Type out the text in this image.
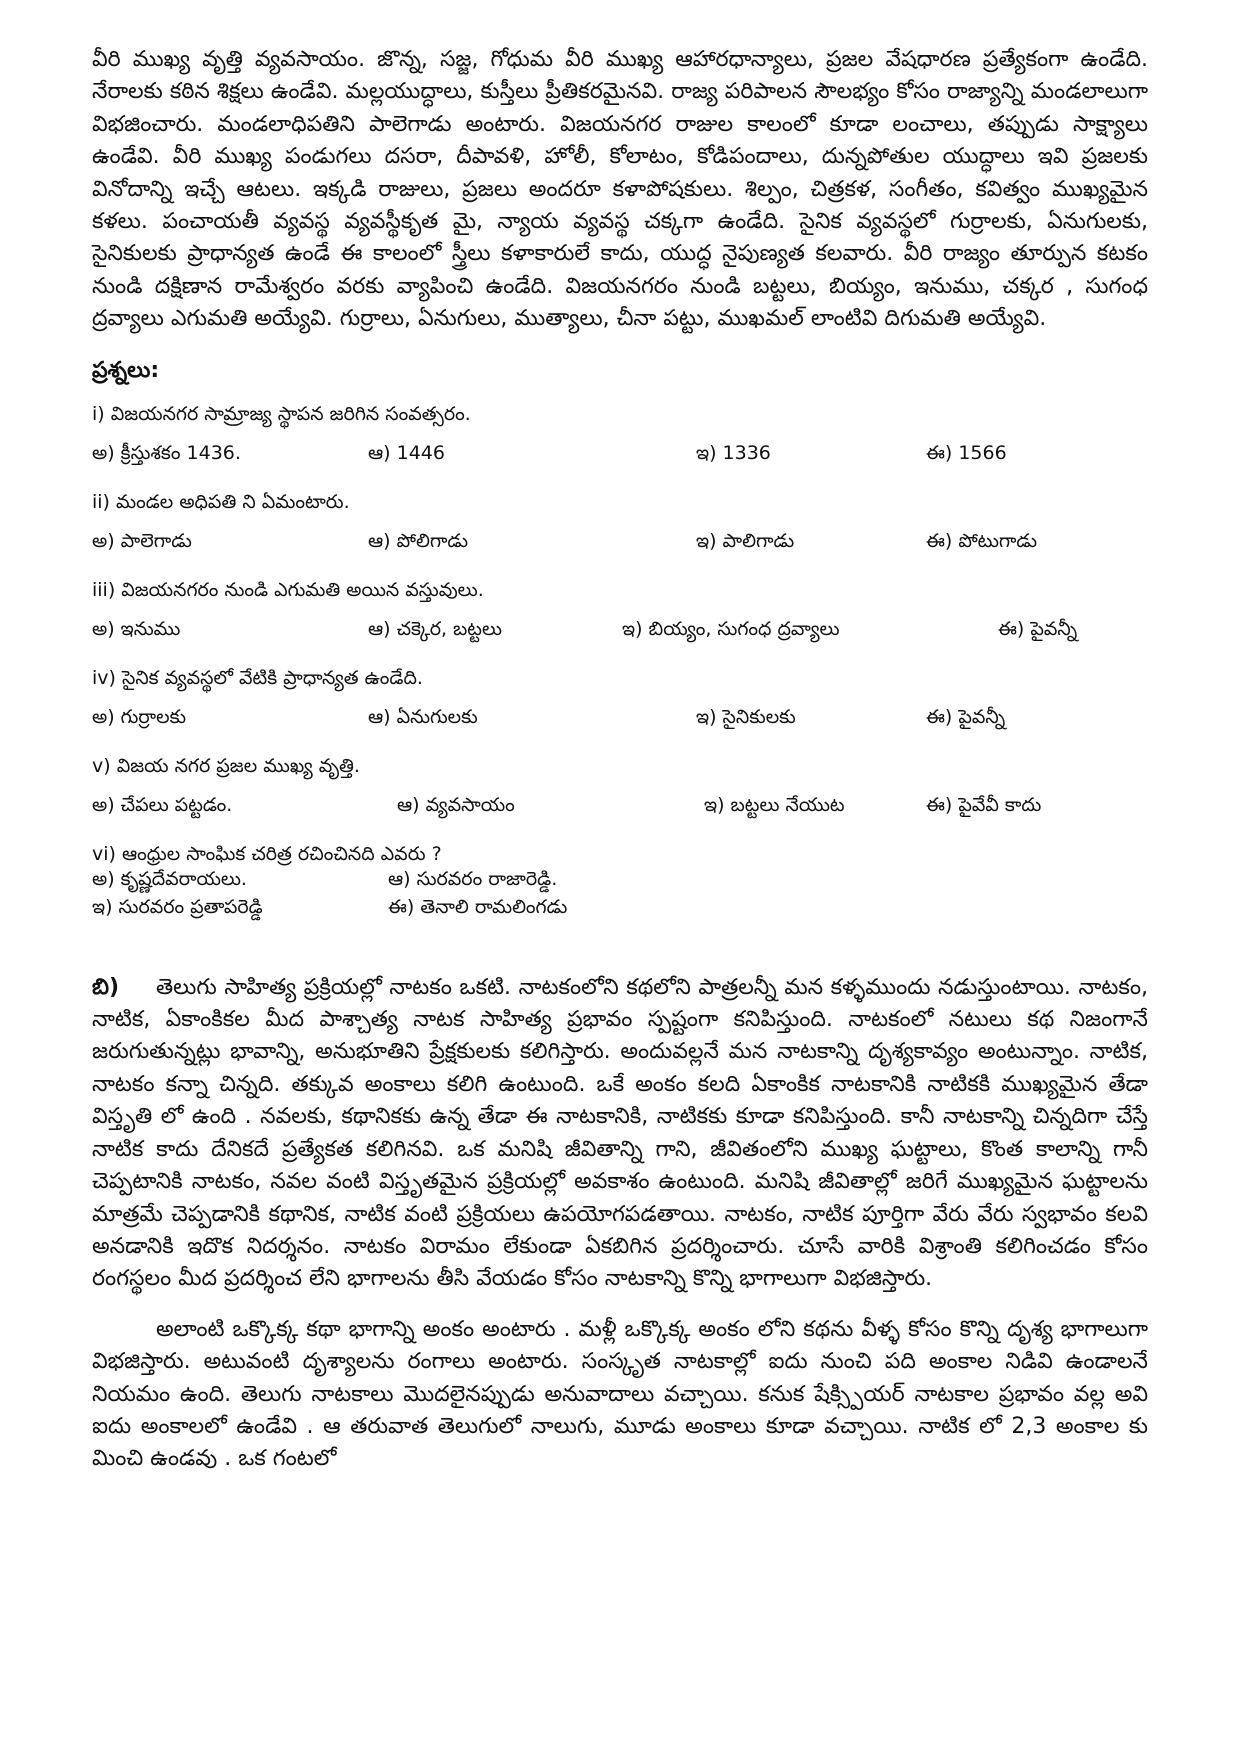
వీరి ముఖ్య వృత్తి వ్యవసాయం. జొన్న, సజ్జ, గోధుమ వీరి ముఖ్య ఆహారధాన్యాలు, ప్రజల వేషధారణ ప్రత్యేకంగా ఉండేది. నేరాలకు కఠిన శిక్షలు ఉండేవి. మల్లయుద్ధాలు, కుస్తీలు ప్రీతికరమైనవి. రాజ్య పరిపాలన సౌలభ్యం కోసం రాజ్యాన్ని మండలాలుగా విభజించారు. మండలాధిపతిని పాలెగాడు అంటారు. విజయనగర రాజుల కాలంలో కూడా లంచాలు, తప్పుడు సాక్ష్యాలు ఉండేవి. వీరి ముఖ్య పండుగలు దసరా, దీపావళి, హోలీ, కోలాటం, కోడిపందాలు, దున్నపోతుల యుద్ధాలు ఇవి ప్రజలకు వినోదాన్ని ఇచ్చే ఆటలు. ఇక్కడి రాజులు, ప్రజలు అందరూ కళాపోషకులు. శిల్పం, చిత్రకళ, సంగీతం, కవిత్వం ముఖ్యమైన కళలు. పంచాయతీ వ్యవస్థ వ్యవస్థీకృత మై, న్యాయ వ్యవస్థ చక్కగా ఉండేది. సైనిక వ్యవస్థలో గుర్రాలకు, ఏనుగులకు, సైనికులకు ప్రాధాన్యత ఉండే ఈ కాలంలో స్త్రీలు కళాకారులే కాదు, యుద్ధ నైపుణ్యత కలవారు. వీరి రాజ్యం తూర్పున కటకం నుండి దక్షిణాన రామేశ్వరం వరకు వ్యాపించి ఉండేది. విజయనగరం నుండి బట్టలు, బియ్యం, ఇనుము, చక్కర , సుగంధ ద్రవ్యాలు ఎగుమతి అయ్యేవి. గుర్రాలు, ఏనుగులు, ముత్యాలు, చీనా పట్టు, ముఖమల్ లాంటివి దిగుమతి అయ్యేవి.

ప్రశ్నలు:
i) విజయనగర సామ్రాజ్య స్థాపన జరిగిన సంవత్సరం.
అ) క్రీస్తుశకం 1436.	ఆ) 1446	ఇ) 1336	ఈ) 1566
ii) మండల అధిపతి ని ఏమంటారు.
అ) పాలెగాడు	ఆ) పోలిగాడు	ఇ) పాలిగాడు	ఈ) పోటుగాడు
iii) విజయనగరం నుండి ఎగుమతి అయిన వస్తువులు.
అ) ఇనుము	ఆ) చక్కెర, బట్టలు	ఇ) బియ్యం, సుగంధ ద్రవ్యాలు	ఈ) పైవన్నీ
iv) సైనిక వ్యవస్థలో వేటికి ప్రాధాన్యత ఉండేది.
అ) గుర్రాలకు	ఆ) ఏనుగులకు	ఇ) సైనికులకు	ఈ) పైవన్నీ
v) విజయ నగర ప్రజల ముఖ్య వృత్తి.
అ) చేపలు పట్టడం.	ఆ) వ్యవసాయం	ఇ) బట్టలు నేయుట	ఈ) పైవేవీ కాదు
vi) ఆంధ్రుల సాంఘిక చరిత్ర రచించినది ఎవరు ?
అ) కృష్ణదేవరాయలు.	ఆ) సురవరం రాజారెడ్డి.
ఇ) సురవరం ప్రతాపరెడ్డి	ఈ) తెనాలి రామలింగడు

బి) తెలుగు సాహిత్య ప్రక్రియల్లో నాటకం ఒకటి. నాటకంలోని కథలోని పాత్రలన్నీ మన కళ్ళముందు నడుస్తుంటాయి. నాటకం, నాటిక, ఏకాంకికల మీద పాశ్చాత్య నాటక సాహిత్య ప్రభావం స్పష్టంగా కనిపిస్తుంది. నాటకంలో నటులు కథ నిజంగానే జరుగుతున్నట్లు భావాన్ని, అనుభూతిని ప్రేక్షకులకు కలిగిస్తారు. అందువల్లనే మన నాటకాన్ని దృశ్యకావ్యం అంటున్నాం. నాటిక, నాటకం కన్నా చిన్నది. తక్కువ అంకాలు కలిగి ఉంటుంది. ఒకే అంకం కలది ఏకాంకిక నాటకానికి నాటికకి ముఖ్యమైన తేడా విస్తృతి లో ఉంది . నవలకు, కథానికకు ఉన్న తేడా ఈ నాటకానికి, నాటికకు కూడా కనిపిస్తుంది. కానీ నాటకాన్ని చిన్నదిగా చేస్తే నాటిక కాదు దేనికదే ప్రత్యేకత కలిగినవి. ఒక మనిషి జీవితాన్ని గాని, జీవితంలోని ముఖ్య ఘట్టాలు, కొంత కాలాన్ని గానీ చెప్పటానికి నాటకం, నవల వంటి విస్తృతమైన ప్రక్రియల్లో అవకాశం ఉంటుంది. మనిషి జీవితాల్లో జరిగే ముఖ్యమైన ఘట్టాలను మాత్రమే చెప్పడానికి కథానిక, నాటిక వంటి ప్రక్రియలు ఉపయోగపడతాయి. నాటకం, నాటిక పూర్తిగా వేరు వేరు స్వభావం కలవి అనడానికి ఇదొక నిదర్శనం. నాటకం విరామం లేకుండా ఏకబిగిన ప్రదర్శించారు. చూసే వారికి విశ్రాంతి కలిగించడం కోసం రంగస్థలం మీద ప్రదర్శించ లేని భాగాలను తీసి వేయడం కోసం నాటకాన్ని కొన్ని భాగాలుగా విభజిస్తారు.

అలాంటి ఒక్కొక్క కథా భాగాన్ని అంకం అంటారు . మళ్లీ ఒక్కొక్క అంకం లోని కథను వీళ్ళ కోసం కొన్ని దృశ్య భాగాలుగా విభజిస్తారు. అటువంటి దృశ్యాలను రంగాలు అంటారు. సంస్కృత నాటకాల్లో ఐదు నుంచి పది అంకాల నిడివి ఉండాలనే నియమం ఉంది. తెలుగు నాటకాలు మొదలైనప్పుడు అనువాదాలు వచ్చాయి. కనుక షేక్స్పియర్ నాటకాల ప్రభావం వల్ల అవి ఐదు అంకాలలో ఉండేవి . ఆ తరువాత తెలుగులో నాలుగు, మూడు అంకాలు కూడా వచ్చాయి. నాటిక లో 2,3 అంకాల కు మించి ఉండవు . ఒక గంటలో
